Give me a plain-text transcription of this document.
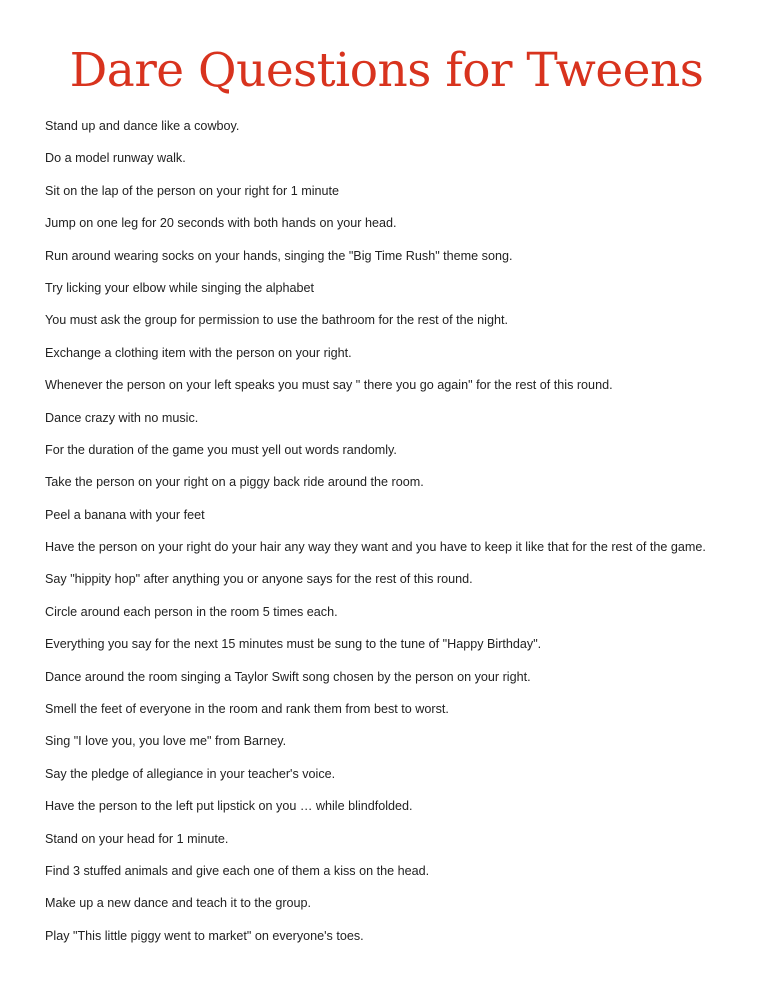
Dare Questions for Tweens
Stand up and dance like a cowboy.
Do a model runway walk.
Sit on the lap of the person on your right for 1 minute
Jump on one leg for 20 seconds with both hands on your head.
Run around wearing socks on your hands, singing the "Big Time Rush" theme song.
Try licking your elbow while singing the alphabet
You must ask the group for permission to use the bathroom for the rest of the night.
Exchange a clothing item with the person on your right.
Whenever the person on your left speaks you must say " there you go again" for the rest of this round.
Dance crazy with no music.
For the duration of the game you must yell out words randomly.
Take the person on your right on a piggy back ride around the room.
Peel a banana with your feet
Have the person on your right do your hair any way they want and you have to keep it like that for the rest of the game.
Say "hippity hop" after anything you or anyone says for the rest of this round.
Circle around each person in the room 5 times each.
Everything you say for the next 15 minutes must be sung to the tune of "Happy Birthday".
Dance around the room singing a Taylor Swift song chosen by the person on your right.
Smell the feet of everyone in the room and rank them from best to worst.
Sing "I love you, you love me" from Barney.
Say the pledge of allegiance in your teacher's voice.
Have the person to the left put lipstick on you … while blindfolded.
Stand on your head for 1 minute.
Find 3 stuffed animals and give each one of them a kiss on the head.
Make up a new dance and teach it to the group.
Play "This little piggy went to market" on everyone's toes.
